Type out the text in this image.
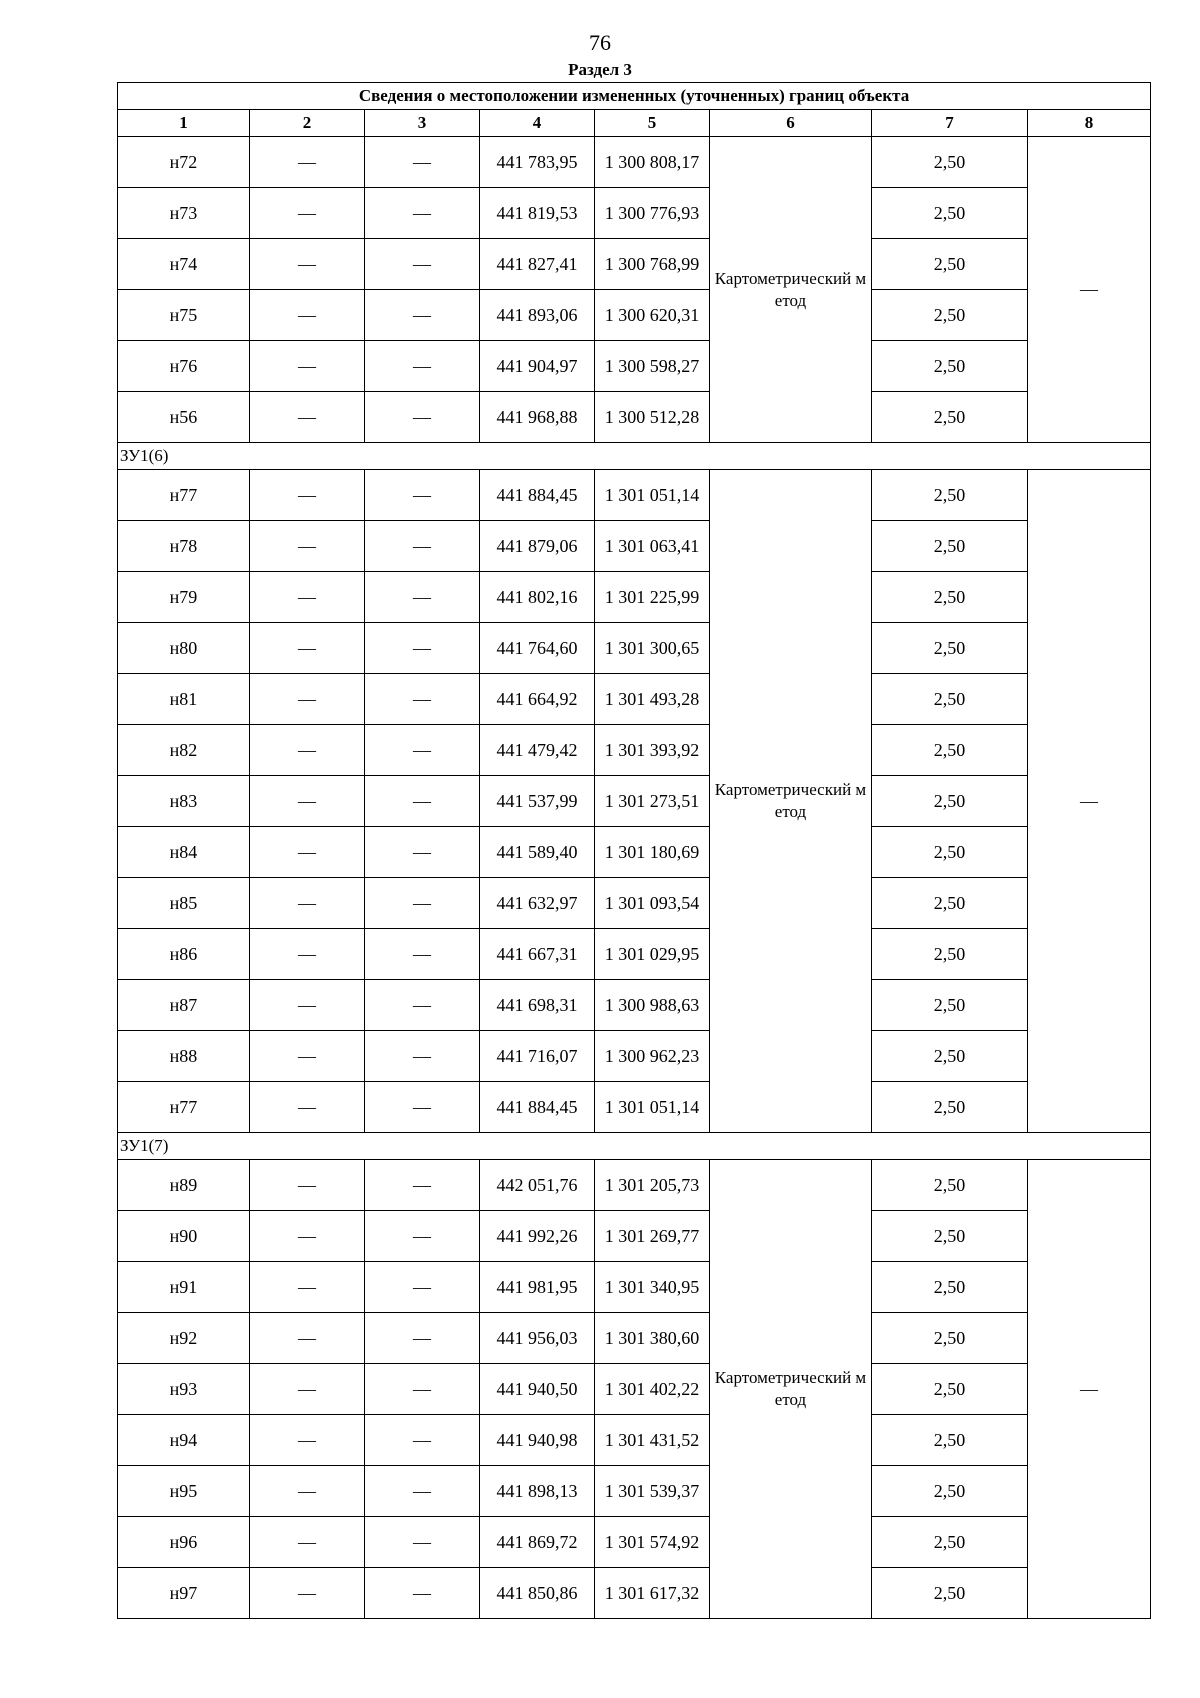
76
Раздел 3
Сведения о местоположении измененных (уточненных) границ объекта							
1	2	3	4	5	6	7	8
н72	—	—	441 783,95	1 300 808,17	Картометрический метод	2,50	—
н73	—	—	441 819,53	1 300 776,93		2,50	
н74	—	—	441 827,41	1 300 768,99		2,50	
н75	—	—	441 893,06	1 300 620,31		2,50	
н76	—	—	441 904,97	1 300 598,27		2,50	
н56	—	—	441 968,88	1 300 512,28		2,50	
ЗУ1(6)							
н77	—	—	441 884,45	1 301 051,14	Картометрический метод	2,50	—
н78	—	—	441 879,06	1 301 063,41		2,50	
н79	—	—	441 802,16	1 301 225,99		2,50	
н80	—	—	441 764,60	1 301 300,65		2,50	
н81	—	—	441 664,92	1 301 493,28		2,50	
н82	—	—	441 479,42	1 301 393,92		2,50	
н83	—	—	441 537,99	1 301 273,51		2,50	
н84	—	—	441 589,40	1 301 180,69		2,50	
н85	—	—	441 632,97	1 301 093,54		2,50	
н86	—	—	441 667,31	1 301 029,95		2,50	
н87	—	—	441 698,31	1 300 988,63		2,50	
н88	—	—	441 716,07	1 300 962,23		2,50	
н77	—	—	441 884,45	1 301 051,14		2,50	
ЗУ1(7)							
н89	—	—	442 051,76	1 301 205,73	Картометрический метод	2,50	—
н90	—	—	441 992,26	1 301 269,77		2,50	
н91	—	—	441 981,95	1 301 340,95		2,50	
н92	—	—	441 956,03	1 301 380,60		2,50	
н93	—	—	441 940,50	1 301 402,22		2,50	
н94	—	—	441 940,98	1 301 431,52		2,50	
н95	—	—	441 898,13	1 301 539,37		2,50	
н96	—	—	441 869,72	1 301 574,92		2,50	
н97	—	—	441 850,86	1 301 617,32		2,50	
